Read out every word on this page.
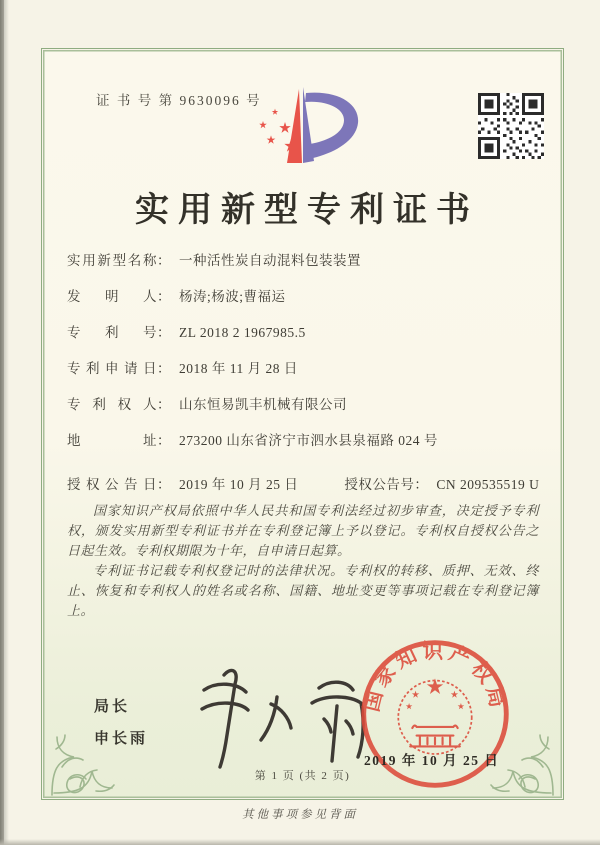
证 书 号 第 9630096 号
实用新型专利证书
实用新型名称： 一种活性炭自动混料包装装置
发明人： 杨涛;杨波;曹福运
专利号： ZL 2018 2 1967985.5
专利申请日： 2018 年 11 月 28 日
专利权人： 山东恒易凯丰机械有限公司
地址： 273200 山东省济宁市泗水县泉福路 024 号
授权公告日： 2019 年 10 月 25 日	授权公告号： CN 209535519 U

国家知识产权局依照中华人民共和国专利法经过初步审查，决定授予专利权，颁发实用新型专利证书并在专利登记簿上予以登记。专利权自授权公告之日起生效。专利权期限为十年，自申请日起算。

专利证书记载专利权登记时的法律状况。专利权的转移、质押、无效、终止、恢复和专利权人的姓名或名称、国籍、地址变更等事项记载在专利登记簿上。

局长
申长雨
国家知识产权局
2019 年 10 月 25 日
第 1 页 (共 2 页)
其他事项参见背面
